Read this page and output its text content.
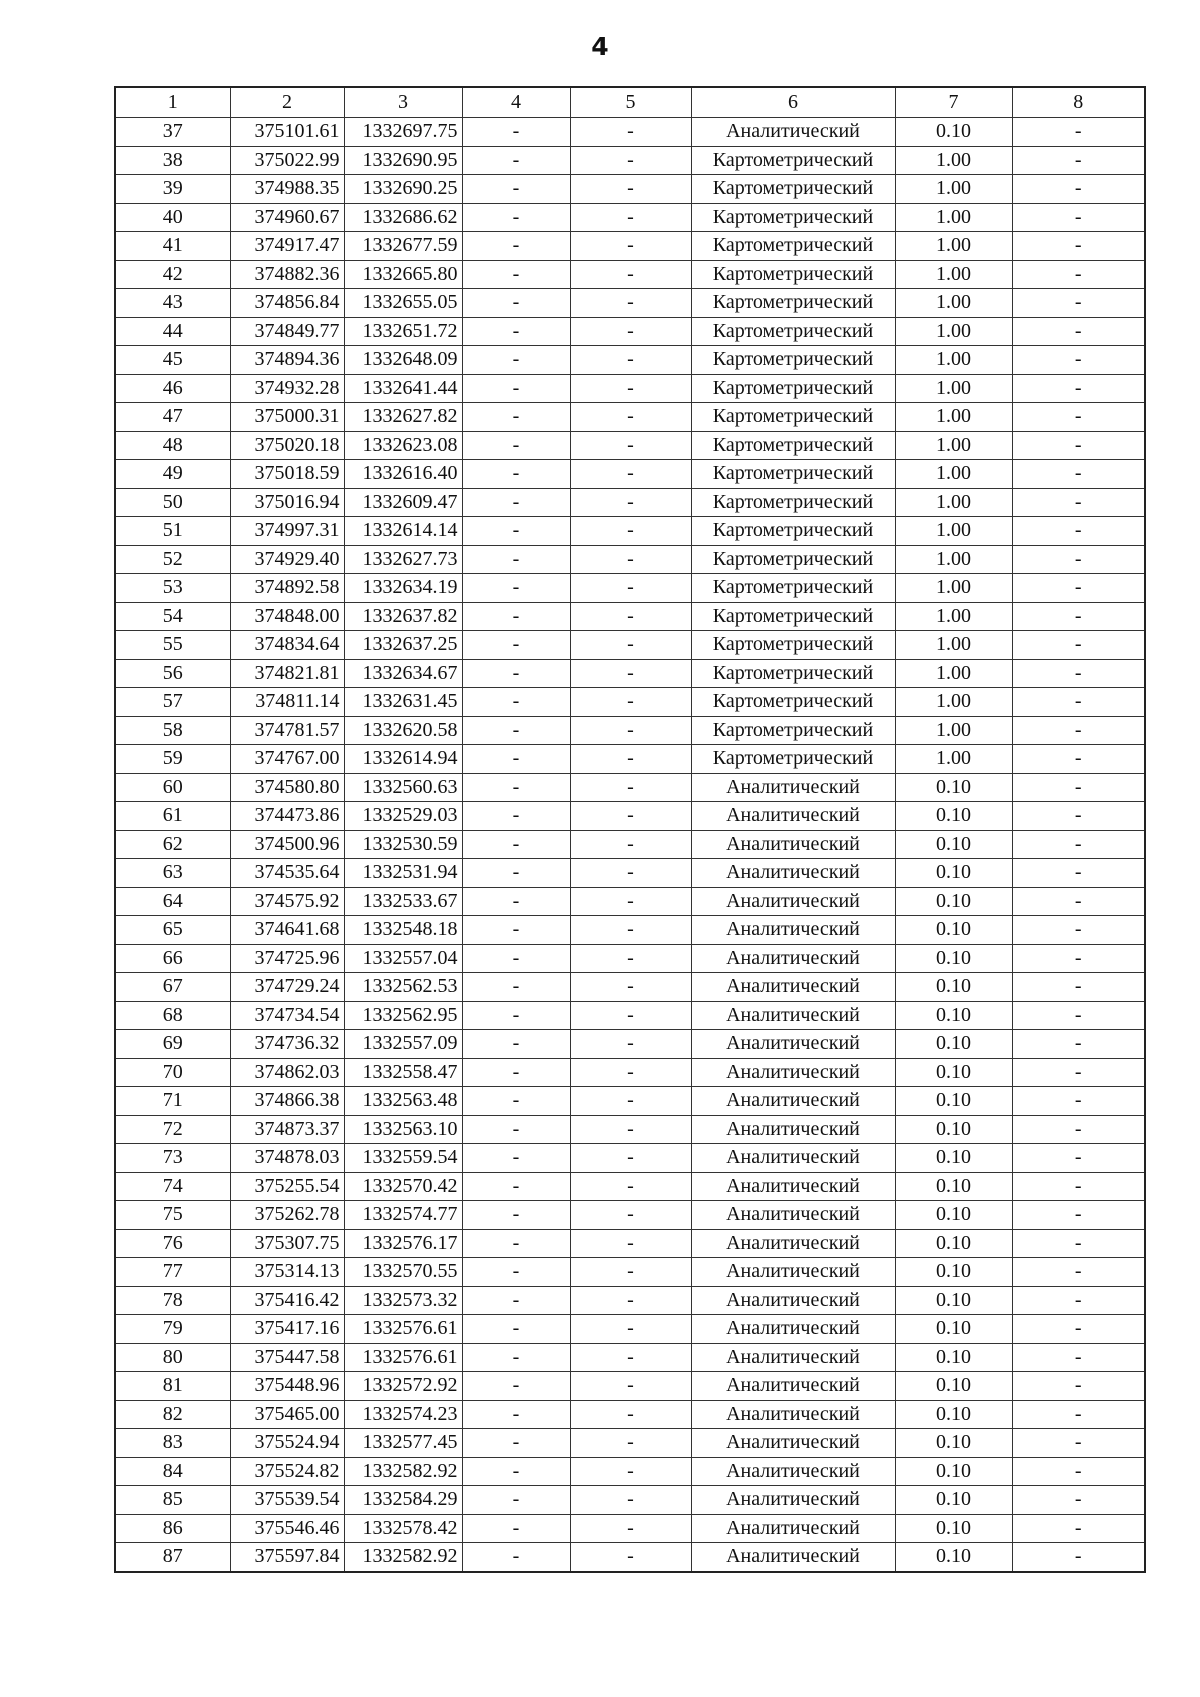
4
1	2	3	4	5	6	7	8
37	375101.61	1332697.75	-	-	Аналитический	0.10	-
38	375022.99	1332690.95	-	-	Картометрический	1.00	-
39	374988.35	1332690.25	-	-	Картометрический	1.00	-
40	374960.67	1332686.62	-	-	Картометрический	1.00	-
41	374917.47	1332677.59	-	-	Картометрический	1.00	-
42	374882.36	1332665.80	-	-	Картометрический	1.00	-
43	374856.84	1332655.05	-	-	Картометрический	1.00	-
44	374849.77	1332651.72	-	-	Картометрический	1.00	-
45	374894.36	1332648.09	-	-	Картометрический	1.00	-
46	374932.28	1332641.44	-	-	Картометрический	1.00	-
47	375000.31	1332627.82	-	-	Картометрический	1.00	-
48	375020.18	1332623.08	-	-	Картометрический	1.00	-
49	375018.59	1332616.40	-	-	Картометрический	1.00	-
50	375016.94	1332609.47	-	-	Картометрический	1.00	-
51	374997.31	1332614.14	-	-	Картометрический	1.00	-
52	374929.40	1332627.73	-	-	Картометрический	1.00	-
53	374892.58	1332634.19	-	-	Картометрический	1.00	-
54	374848.00	1332637.82	-	-	Картометрический	1.00	-
55	374834.64	1332637.25	-	-	Картометрический	1.00	-
56	374821.81	1332634.67	-	-	Картометрический	1.00	-
57	374811.14	1332631.45	-	-	Картометрический	1.00	-
58	374781.57	1332620.58	-	-	Картометрический	1.00	-
59	374767.00	1332614.94	-	-	Картометрический	1.00	-
60	374580.80	1332560.63	-	-	Аналитический	0.10	-
61	374473.86	1332529.03	-	-	Аналитический	0.10	-
62	374500.96	1332530.59	-	-	Аналитический	0.10	-
63	374535.64	1332531.94	-	-	Аналитический	0.10	-
64	374575.92	1332533.67	-	-	Аналитический	0.10	-
65	374641.68	1332548.18	-	-	Аналитический	0.10	-
66	374725.96	1332557.04	-	-	Аналитический	0.10	-
67	374729.24	1332562.53	-	-	Аналитический	0.10	-
68	374734.54	1332562.95	-	-	Аналитический	0.10	-
69	374736.32	1332557.09	-	-	Аналитический	0.10	-
70	374862.03	1332558.47	-	-	Аналитический	0.10	-
71	374866.38	1332563.48	-	-	Аналитический	0.10	-
72	374873.37	1332563.10	-	-	Аналитический	0.10	-
73	374878.03	1332559.54	-	-	Аналитический	0.10	-
74	375255.54	1332570.42	-	-	Аналитический	0.10	-
75	375262.78	1332574.77	-	-	Аналитический	0.10	-
76	375307.75	1332576.17	-	-	Аналитический	0.10	-
77	375314.13	1332570.55	-	-	Аналитический	0.10	-
78	375416.42	1332573.32	-	-	Аналитический	0.10	-
79	375417.16	1332576.61	-	-	Аналитический	0.10	-
80	375447.58	1332576.61	-	-	Аналитический	0.10	-
81	375448.96	1332572.92	-	-	Аналитический	0.10	-
82	375465.00	1332574.23	-	-	Аналитический	0.10	-
83	375524.94	1332577.45	-	-	Аналитический	0.10	-
84	375524.82	1332582.92	-	-	Аналитический	0.10	-
85	375539.54	1332584.29	-	-	Аналитический	0.10	-
86	375546.46	1332578.42	-	-	Аналитический	0.10	-
87	375597.84	1332582.92	-	-	Аналитический	0.10	-
